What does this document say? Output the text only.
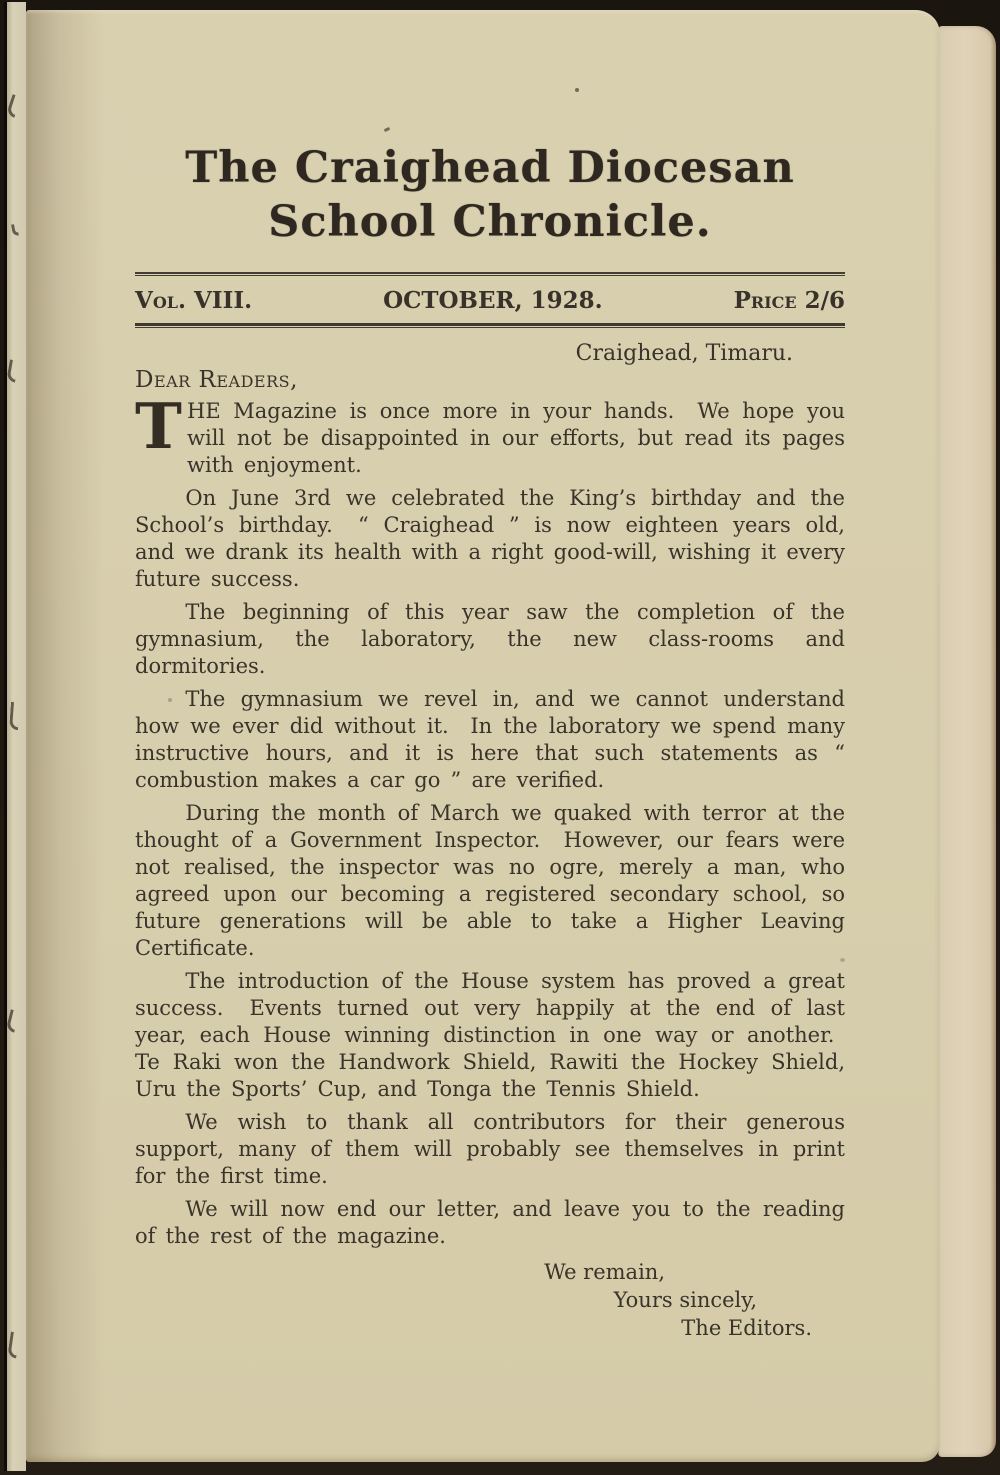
The Craighead Diocesan School Chronicle.
Vol. VIII.	OCTOBER, 1928.	Price 2/6
Craighead, Timaru.
Dear Readers,

THE Magazine is once more in your hands.  We hope you will not be disappointed in our efforts, but read its pages with enjoyment.

On June 3rd we celebrated the King’s birthday and the School’s birthday.  “ Craighead ” is now eighteen years old, and we drank its health with a right good-will, wishing it every future success.

The beginning of this year saw the completion of the gymnasium, the laboratory, the new class-rooms and dormitories.

The gymnasium we revel in, and we cannot understand how we ever did without it.  In the laboratory we spend many instructive hours, and it is here that such statements as “ combustion makes a car go ” are verified.

During the month of March we quaked with terror at the thought of a Government Inspector.  However, our fears were not realised, the inspector was no ogre, merely a man, who agreed upon our becoming a registered secondary school, so future generations will be able to take a Higher Leaving Certificate.

The introduction of the House system has proved a great success.  Events turned out very happily at the end of last year, each House winning distinction in one way or another.  Te Raki won the Handwork Shield, Rawiti the Hockey Shield, Uru the Sports’ Cup, and Tonga the Tennis Shield.

We wish to thank all contributors for their generous support, many of them will probably see themselves in print for the first time.

We will now end our letter, and leave you to the reading of the rest of the magazine.

We remain,
Yours sincely,
The Editors.
